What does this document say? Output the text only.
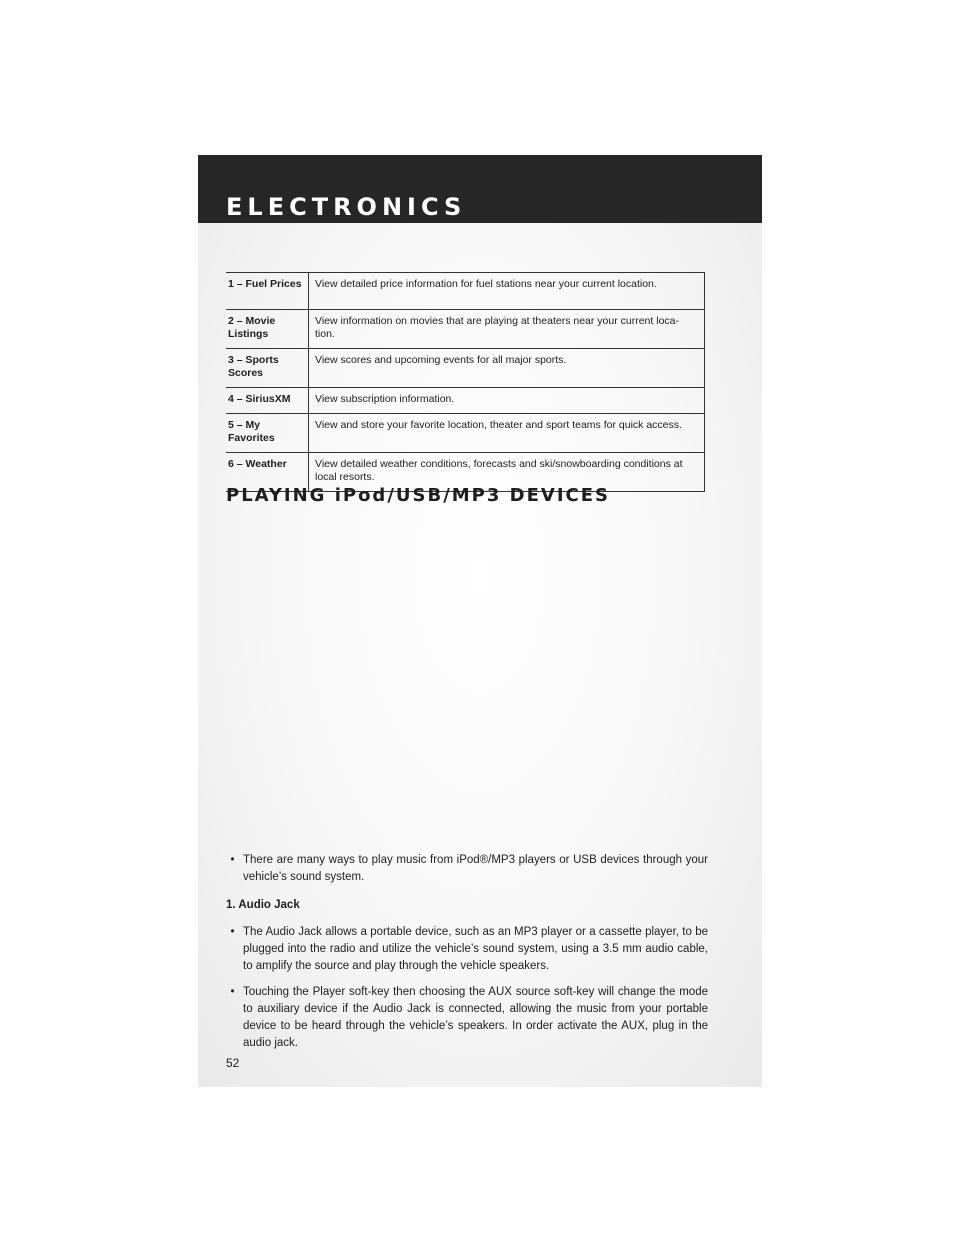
ELECTRONICS
1 – Fuel Prices	View detailed price information for fuel stations near your current location.
2 – Movie Listings	View information on movies that are playing at theaters near your current loca- tion.
3 – Sports Scores	View scores and upcoming events for all major sports.
4 – SiriusXM	View subscription information.
5 – My Favorites	View and store your favorite location, theater and sport teams for quick access.
6 – Weather	View detailed weather conditions, forecasts and ski/snowboarding conditions at local resorts.
PLAYING iPod/USB/MP3 DEVICES
• There are many ways to play music from iPod®/MP3 players or USB devices through your vehicle’s sound system.
1. Audio Jack
• The Audio Jack allows a portable device, such as an MP3 player or a cassette player, to be plugged into the radio and utilize the vehicle’s sound system, using a 3.5 mm audio cable, to amplify the source and play through the vehicle speakers.
• Touching the Player soft-key then choosing the AUX source soft-key will change the mode to auxiliary device if the Audio Jack is connected, allowing the music from your portable device to be heard through the vehicle’s speakers. In order activate the AUX, plug in the audio jack.
52
